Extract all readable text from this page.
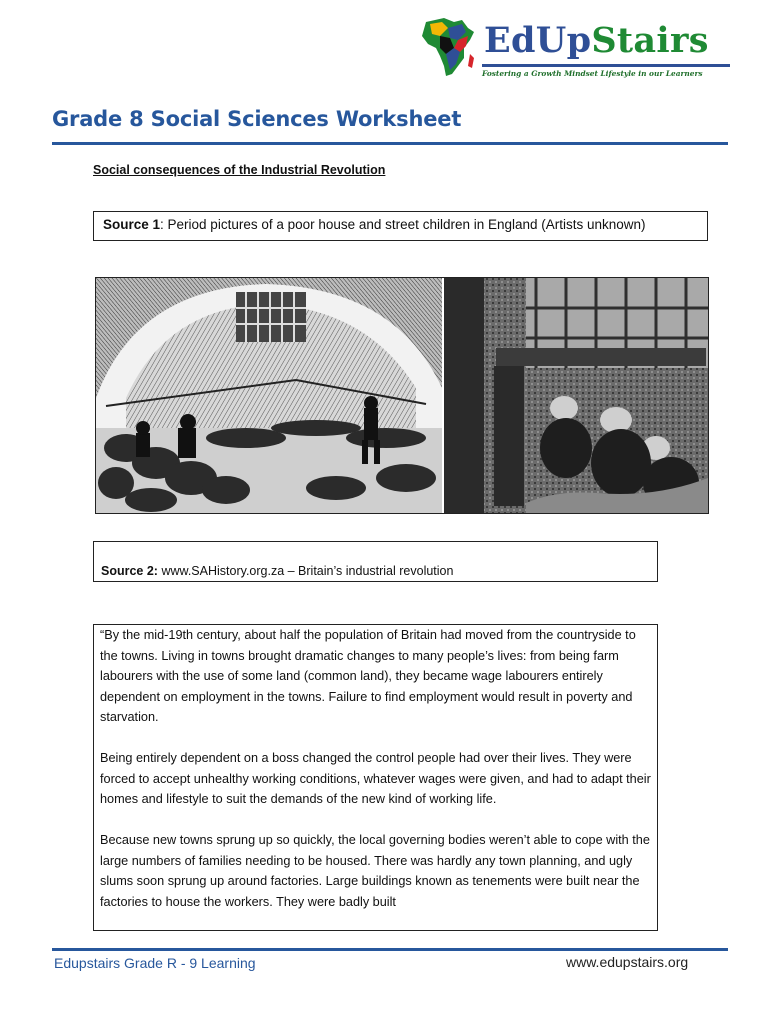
EdUpStairs
Fostering a Growth Mindset Lifestyle in our Learners
Grade 8 Social Sciences Worksheet
Social consequences of the Industrial Revolution
Source 1: Period pictures of a poor house and street children in England (Artists unknown)
Source 2: www.SAHistory.org.za – Britain’s industrial revolution

“By the mid-19th century, about half the population of Britain had moved from the countryside to the towns. Living in towns brought dramatic changes to many people’s lives: from being farm labourers with the use of some land (common land), they became wage labourers entirely dependent on employment in the towns. Failure to find employment would result in poverty and starvation.

Being entirely dependent on a boss changed the control people had over their lives. They were forced to accept unhealthy working conditions, whatever wages were given, and had to adapt their homes and lifestyle to suit the demands of the new kind of working life.

Because new towns sprung up so quickly, the local governing bodies weren’t able to cope with the large numbers of families needing to be housed. There was hardly any town planning, and ugly slums soon sprung up around factories. Large buildings known as tenements were built near the factories to house the workers. They were badly built

Edupstairs Grade R - 9 Learning	www.edupstairs.org
